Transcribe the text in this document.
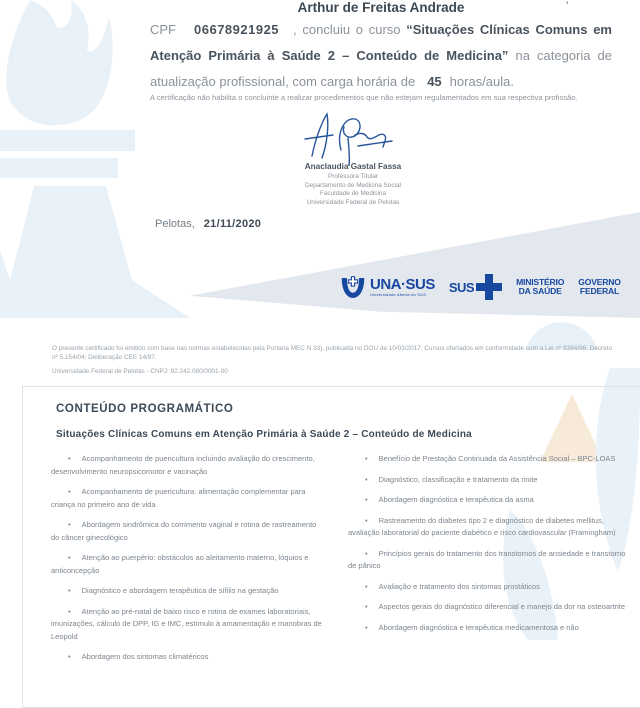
’
Arthur de Freitas Andrade
CPF 06678921925 , concluiu o curso “Situações Clínicas Comuns em Atenção Primária à Saúde 2 – Conteúdo de Medicina” na categoria de atualização profissional, com carga horária de 45 horas/aula.
A certificação não habilita o concluinte a realizar procedimentos que não estejam regulamentados em sua respectiva profissão.
Anaclaudia Gastal Fassa
Professora Titular
Departamento de Medicina Social
Faculdade de Medicina
Universidade Federal de Pelotas
Pelotas, 21/11/2020
UNA·SUS
Universidade Aberta do SUS	SUS	MINISTÉRIO
DA SAÚDE
GOVERNO
FEDERAL
O presente certificado foi emitido com base nas normas estabelecidas pela Portaria MEC N 33), publicada no DOU de 10/03/2017. Cursos ofertados em conformidade com a Lei nº 9394/96; Decreto nº 5.154/04; Deliberação CEE 14/97.
Universidade Federal de Pelotas - CNPJ: 92.242.080/0001-00
CONTEÚDO PROGRAMÁTICO
Situações Clínicas Comuns em Atenção Primária à Saúde 2 – Conteúdo de Medicina
• Acompanhamento de puericultura incluindo avaliação do crescimento, desenvolvimento neuropsicomotor e vacinação
• Acompanhamento de puericultura: alimentação complementar para criança no primeiro ano de vida
• Abordagem sindrômica do corrimento vaginal e rotina de rastreamento do câncer ginecológico
• Atenção ao puerpério: obstáculos ao aleitamento materno, lóquios e anticoncepção
• Diagnóstico e abordagem terapêutica de sífilis na gestação
• Atenção ao pré-natal de baixo risco e rotina de exames laboratoriais, imunizações, cálculo de DPP, IG e IMC, estímulo à amamentação e manobras de Leopold
• Abordagem dos sintomas climatéricos
• Benefício de Prestação Continuada da Assistência Social – BPC-LOAS
• Diagnóstico, classificação e tratamento da rinite
• Abordagem diagnóstica e terapêutica da asma
• Rastreamento do diabetes tipo 2 e diagnóstico de diabetes mellitus, avaliação laboratorial do paciente diabético e risco cardiovascular (Framingham)
• Princípios gerais do tratamento dos transtornos de ansiedade e transtorno de pânico
• Avaliação e tratamento dos sintomas prostáticos
• Aspectos gerais do diagnóstico diferencial e manejo da dor na osteoartrite
• Abordagem diagnóstica e terapêutica medicamentosa e não
